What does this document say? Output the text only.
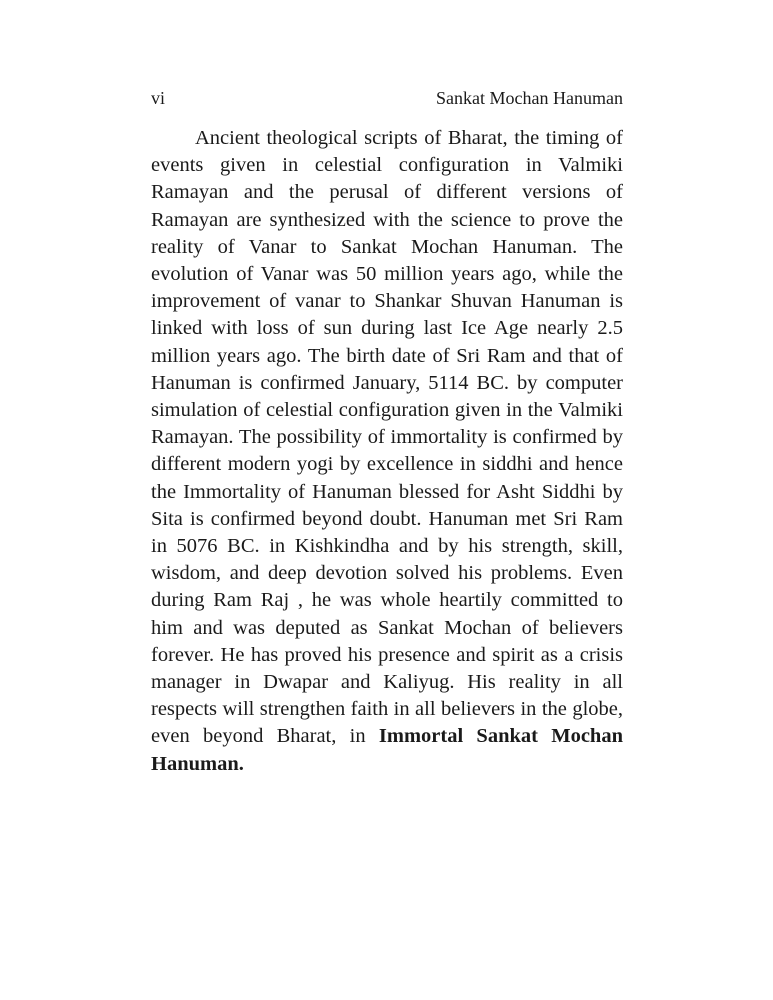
vi	Sankat Mochan Hanuman

Ancient theological scripts of Bharat, the timing of events given in celestial configuration in Valmiki Ramayan and the perusal of different versions of Ramayan are synthesized with the science to prove the reality of Vanar to Sankat Mochan Hanuman. The evolution of Vanar was 50 million years ago, while the improvement of vanar to Shankar Shuvan Hanuman is linked with loss of sun during last Ice Age nearly 2.5 million years ago. The birth date of Sri Ram and that of Hanuman is confirmed January, 5114 BC. by computer simulation of celestial configuration given in the Valmiki Ramayan. The possibility of immortality is confirmed by different modern yogi by excellence in siddhi and hence the Immortality of Hanuman blessed for Asht Siddhi by Sita is confirmed beyond doubt. Hanuman met Sri Ram in 5076 BC. in Kishkindha and by his strength, skill, wisdom, and deep devotion solved his problems. Even during Ram Raj , he was whole heartily committed to him and was deputed as Sankat Mochan of believers forever. He has proved his presence and spirit as a crisis manager in Dwapar and Kaliyug. His reality in all respects will strengthen faith in all believers in the globe, even beyond Bharat, in Immortal Sankat Mochan Hanuman.
